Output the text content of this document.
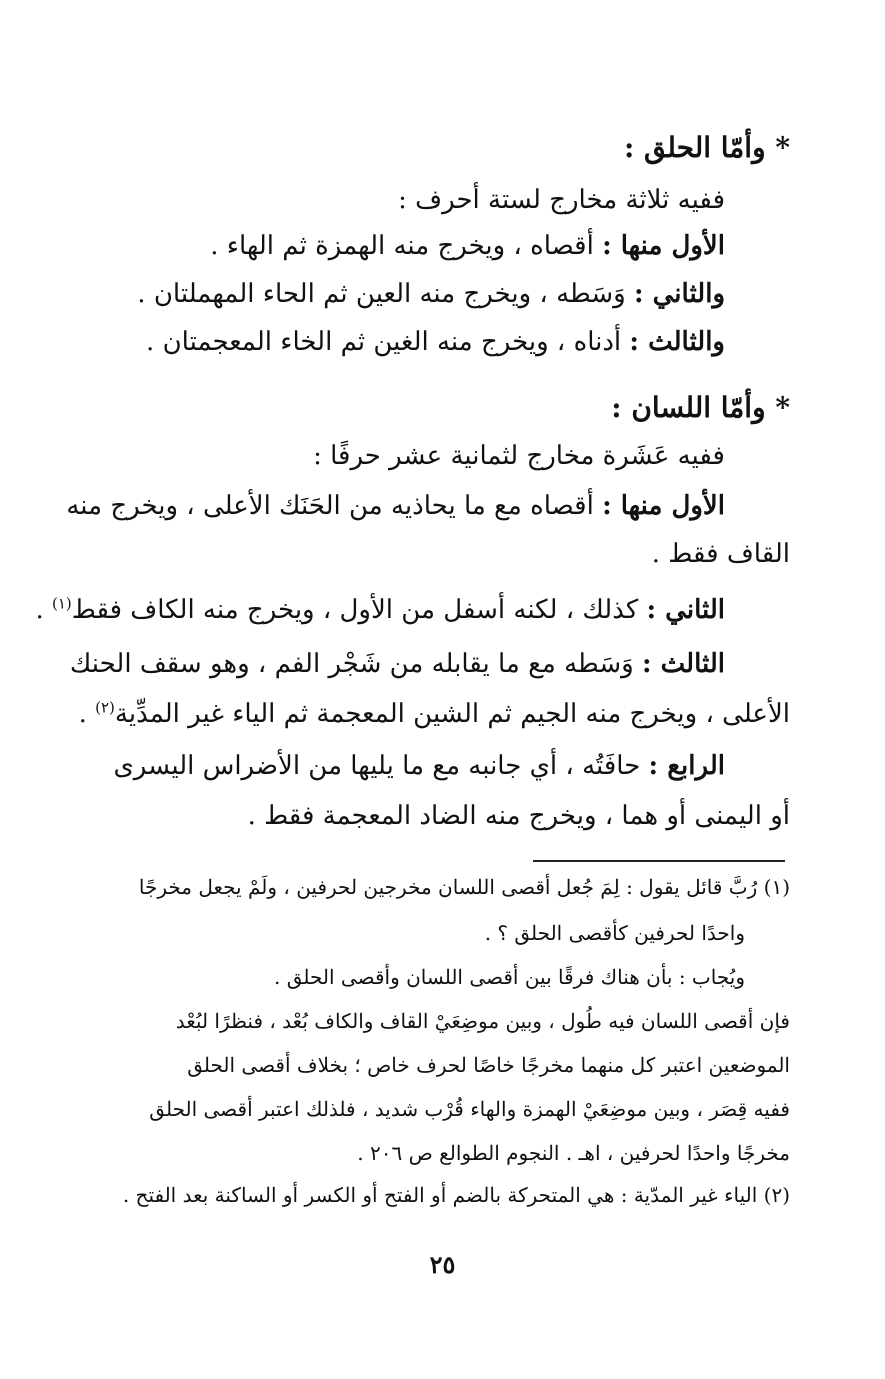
* وأمّا الحلق :
ففيه ثلاثة مخارج لستة أحرف :
الأول منها : أقصاه ، ويخرج منه الهمزة ثم الهاء .
والثاني : وَسَطه ، ويخرج منه العين ثم الحاء المهملتان .
والثالث : أدناه ، ويخرج منه الغين ثم الخاء المعجمتان .
* وأمّا اللسان :
ففيه عَشَرة مخارج لثمانية عشر حرفًا :
الأول منها : أقصاه مع ما يحاذيه من الحَنَك الأعلى ، ويخرج منه
القاف فقط .
الثاني : كذلك ، لكنه أسفل من الأول ، ويخرج منه الكاف فقط$^{(١)}$ .
الثالث : وَسَطه مع ما يقابله من شَجْر الفم ، وهو سقف الحنك
الأعلى ، ويخرج منه الجيم ثم الشين المعجمة ثم الياء غير المدِّية$^{(٢)}$ .
الرابع : حافَتُه ، أي جانبه مع ما يليها من الأضراس اليسرى
أو اليمنى أو هما ، ويخرج منه الضاد المعجمة فقط .
(١) رُبَّ قائل يقول : لِمَ جُعل أقصى اللسان مخرجين لحرفين ، ولَمْ يجعل مخرجًا
واحدًا لحرفين كأقصى الحلق ؟ .
ويُجاب : بأن هناك فرقًا بين أقصى اللسان وأقصى الحلق .
فإن أقصى اللسان فيه طُول ، وبين موضِعَيْ القاف والكاف بُعْد ، فنظرًا لبُعْد
الموضعين اعتبر كل منهما مخرجًا خاصًا لحرف خاص ؛ بخلاف أقصى الحلق
ففيه قِصَر ، وبين موضِعَيْ الهمزة والهاء قُرْب شديد ، فلذلك اعتبر أقصى الحلق
مخرجًا واحدًا لحرفين ، اهـ . النجوم الطوالع ص ٢٠٦ .
(٢) الياء غير المدّية : هي المتحركة بالضم أو الفتح أو الكسر أو الساكنة بعد الفتح .
٢٥
